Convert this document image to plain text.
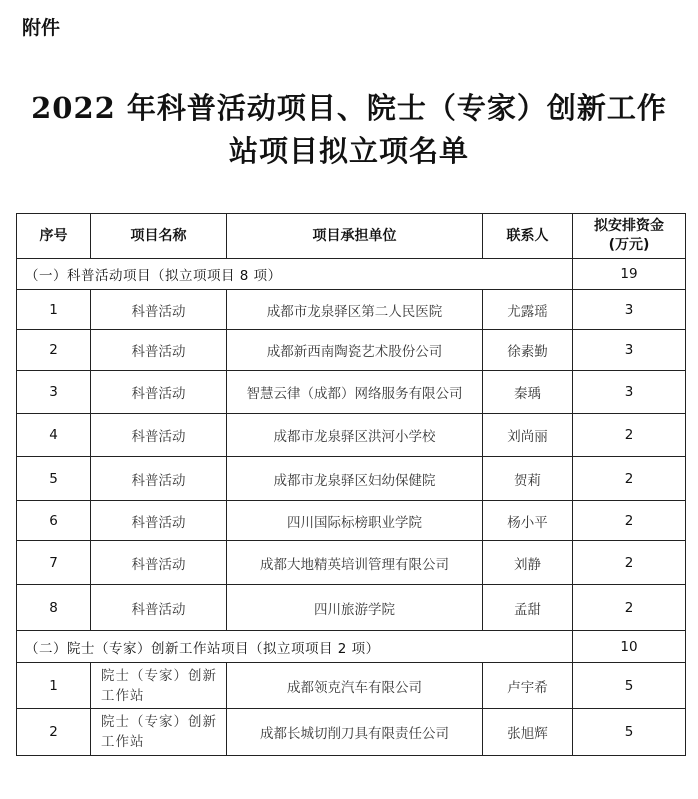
附件
2022 年科普活动项目、院士（专家）创新工作
站项目拟立项名单
序号	项目名称	项目承担单位	联系人	拟安排资金
(万元)

（一）科普活动项目（拟立项项目 8 项）				19
1	科普活动	成都市龙泉驿区第二人民医院	尤露瑶	3
2	科普活动	成都新西南陶瓷艺术股份公司	徐素勤	3
3	科普活动	智慧云律（成都）网络服务有限公司	秦瑀	3
4	科普活动	成都市龙泉驿区洪河小学校	刘尚丽	2
5	科普活动	成都市龙泉驿区妇幼保健院	贺莉	2
6	科普活动	四川国际标榜职业学院	杨小平	2
7	科普活动	成都大地精英培训管理有限公司	刘静	2
8	科普活动	四川旅游学院	孟甜	2
（二）院士（专家）创新工作站项目（拟立项项目 2 项）				10
1	院士（专家）创新
工作站	成都领克汽车有限公司	卢宇希	5
2	院士（专家）创新
工作站	成都长城切削刀具有限责任公司	张旭辉	5
